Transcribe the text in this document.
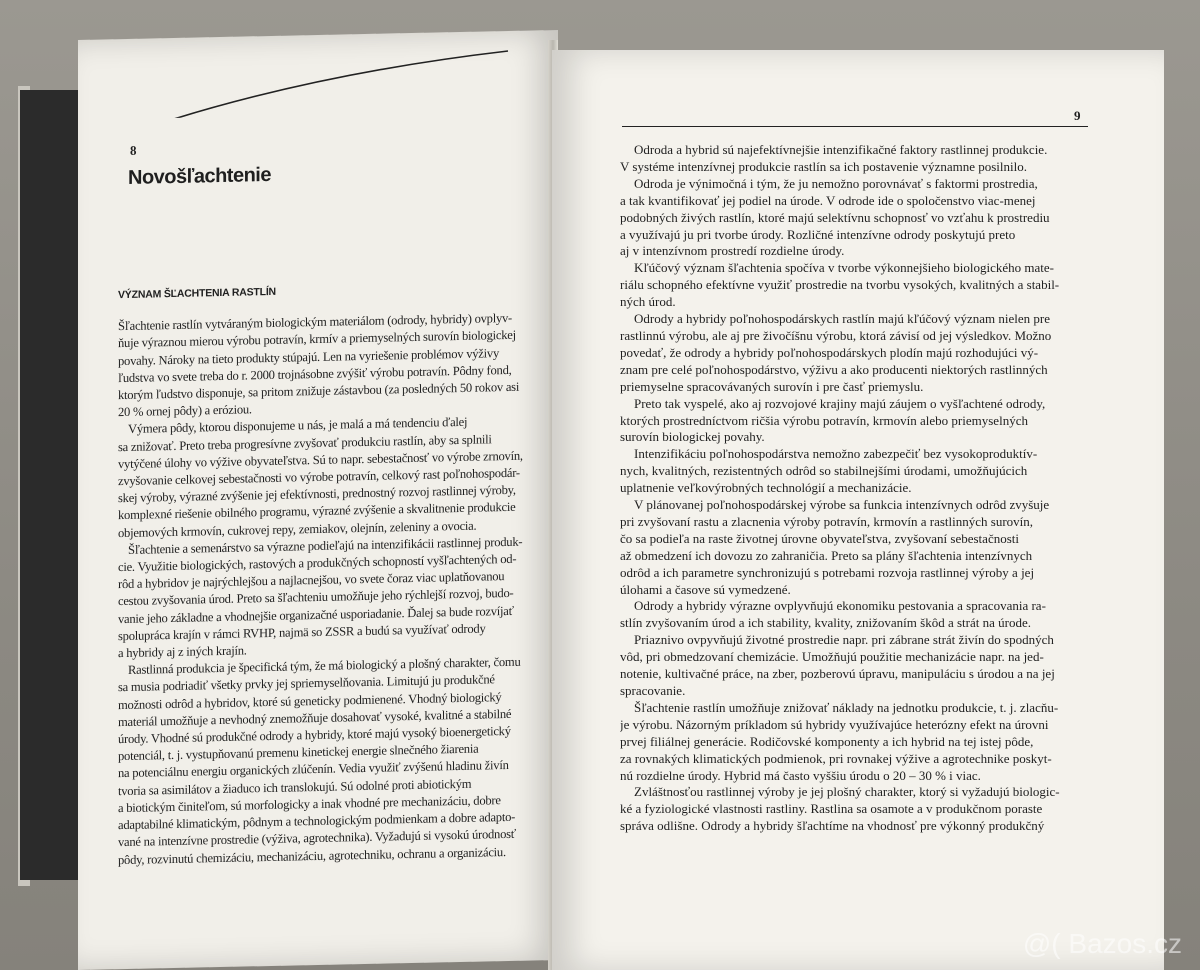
8
Novošľachtenie
VÝZNAM ŠĽACHTENIA RASTLÍN
Šľachtenie rastlín vytváraným biologickým materiálom (odrody, hybridy) ovplyv-
ňuje výraznou mierou výrobu potravín, krmív a priemyselných surovín biologickej
povahy. Nároky na tieto produkty stúpajú. Len na vyriešenie problémov výživy
ľudstva vo svete treba do r. 2000 trojnásobne zvýšiť výrobu potravín. Pôdny fond,
ktorým ľudstvo disponuje, sa pritom znižuje zástavbou (za posledných 50 rokov asi
20 % ornej pôdy) a eróziou.
Výmera pôdy, ktorou disponujeme u nás, je malá a má tendenciu ďalej
sa znižovať. Preto treba progresívne zvyšovať produkciu rastlín, aby sa splnili
vytýčené úlohy vo výžive obyvateľstva. Sú to napr. sebestačnosť vo výrobe zrnovín,
zvyšovanie celkovej sebestačnosti vo výrobe potravín, celkový rast poľnohospodár-
skej výroby, výrazné zvýšenie jej efektívnosti, prednostný rozvoj rastlinnej výroby,
komplexné riešenie obilného programu, výrazné zvýšenie a skvalitnenie produkcie
objemových krmovín, cukrovej repy, zemiakov, olejnín, zeleniny a ovocia.
Šľachtenie a semenárstvo sa výrazne podieľajú na intenzifikácii rastlinnej produk-
cie. Využitie biologických, rastových a produkčných schopností vyšľachtených od-
rôd a hybridov je najrýchlejšou a najlacnejšou, vo svete čoraz viac uplatňovanou
cestou zvyšovania úrod. Preto sa šľachteniu umožňuje jeho rýchlejší rozvoj, budo-
vanie jeho základne a vhodnejšie organizačné usporiadanie. Ďalej sa bude rozvíjať
spolupráca krajín v rámci RVHP, najmä so ZSSR a budú sa využívať odrody
a hybridy aj z iných krajín.
Rastlinná produkcia je špecifická tým, že má biologický a plošný charakter, čomu
sa musia podriadiť všetky prvky jej spriemyselňovania. Limitujú ju produkčné
možnosti odrôd a hybridov, ktoré sú geneticky podmienené. Vhodný biologický
materiál umožňuje a nevhodný znemožňuje dosahovať vysoké, kvalitné a stabilné
úrody. Vhodné sú produkčné odrody a hybridy, ktoré majú vysoký bioenergetický
potenciál, t. j. vystupňovanú premenu kinetickej energie slnečného žiarenia
na potenciálnu energiu organických zlúčenín. Vedia využiť zvýšenú hladinu živín
tvoria sa asimilátov a žiaduco ich translokujú. Sú odolné proti abiotickým
a biotickým činiteľom, sú morfologicky a inak vhodné pre mechanizáciu, dobre
adaptabilné klimatickým, pôdnym a technologickým podmienkam a dobre adapto-
vané na intenzívne prostredie (výživa, agrotechnika). Vyžadujú si vysokú úrodnosť
pôdy, rozvinutú chemizáciu, mechanizáciu, agrotechniku, ochranu a organizáciu.
9
Odroda a hybrid sú najefektívnejšie intenzifikačné faktory rastlinnej produkcie.
V systéme intenzívnej produkcie rastlín sa ich postavenie významne posilnilo.
Odroda je výnimočná i tým, že ju nemožno porovnávať s faktormi prostredia,
a tak kvantifikovať jej podiel na úrode. V odrode ide o spoločenstvo viac-menej
podobných živých rastlín, ktoré majú selektívnu schopnosť vo vzťahu k prostrediu
a využívajú ju pri tvorbe úrody. Rozličné intenzívne odrody poskytujú preto
aj v intenzívnom prostredí rozdielne úrody.
Kľúčový význam šľachtenia spočíva v tvorbe výkonnejšieho biologického mate-
riálu schopného efektívne využiť prostredie na tvorbu vysokých, kvalitných a stabil-
ných úrod.
Odrody a hybridy poľnohospodárskych rastlín majú kľúčový význam nielen pre
rastlinnú výrobu, ale aj pre živočíšnu výrobu, ktorá závisí od jej výsledkov. Možno
povedať, že odrody a hybridy poľnohospodárskych plodín majú rozhodujúci vý-
znam pre celé poľnohospodárstvo, výživu a ako producenti niektorých rastlinných
priemyselne spracovávaných surovín i pre časť priemyslu.
Preto tak vyspelé, ako aj rozvojové krajiny majú záujem o vyšľachtené odrody,
ktorých prostredníctvom ričšia výrobu potravín, krmovín alebo priemyselných
surovín biologickej povahy.
Intenzifikáciu poľnohospodárstva nemožno zabezpečiť bez vysokoproduktív-
nych, kvalitných, rezistentných odrôd so stabilnejšími úrodami, umožňujúcich
uplatnenie veľkovýrobných technológií a mechanizácie.
V plánovanej poľnohospodárskej výrobe sa funkcia intenzívnych odrôd zvyšuje
pri zvyšovaní rastu a zlacnenia výroby potravín, krmovín a rastlinných surovín,
čo sa podieľa na raste životnej úrovne obyvateľstva, zvyšovaní sebestačnosti
až obmedzení ich dovozu zo zahraničia. Preto sa plány šľachtenia intenzívnych
odrôd a ich parametre synchronizujú s potrebami rozvoja rastlinnej výroby a jej
úlohami a časove sú vymedzené.
Odrody a hybridy výrazne ovplyvňujú ekonomiku pestovania a spracovania ra-
stlín zvyšovaním úrod a ich stability, kvality, znižovaním škôd a strát na úrode.
Priaznivo ovpyvňujú životné prostredie napr. pri zábrane strát živín do spodných
vôd, pri obmedzovaní chemizácie. Umožňujú použitie mechanizácie napr. na jed-
notenie, kultivačné práce, na zber, pozberovú úpravu, manipuláciu s úrodou a na jej
spracovanie.
Šľachtenie rastlín umožňuje znižovať náklady na jednotku produkcie, t. j. zlacňu-
je výrobu. Názorným príkladom sú hybridy využívajúce heterózny efekt na úrovni
prvej filiálnej generácie. Rodičovské komponenty a ich hybrid na tej istej pôde,
za rovnakých klimatických podmienok, pri rovnakej výžive a agrotechnike poskyt-
nú rozdielne úrody. Hybrid má často vyššiu úrodu o 20 – 30 % i viac.
Zvláštnosťou rastlinnej výroby je jej plošný charakter, ktorý si vyžadujú biologic-
ké a fyziologické vlastnosti rastliny. Rastlina sa osamote a v produkčnom poraste
správa odlišne. Odrody a hybridy šľachtíme na vhodnosť pre výkonný produkčný
@( Bazos.cz
